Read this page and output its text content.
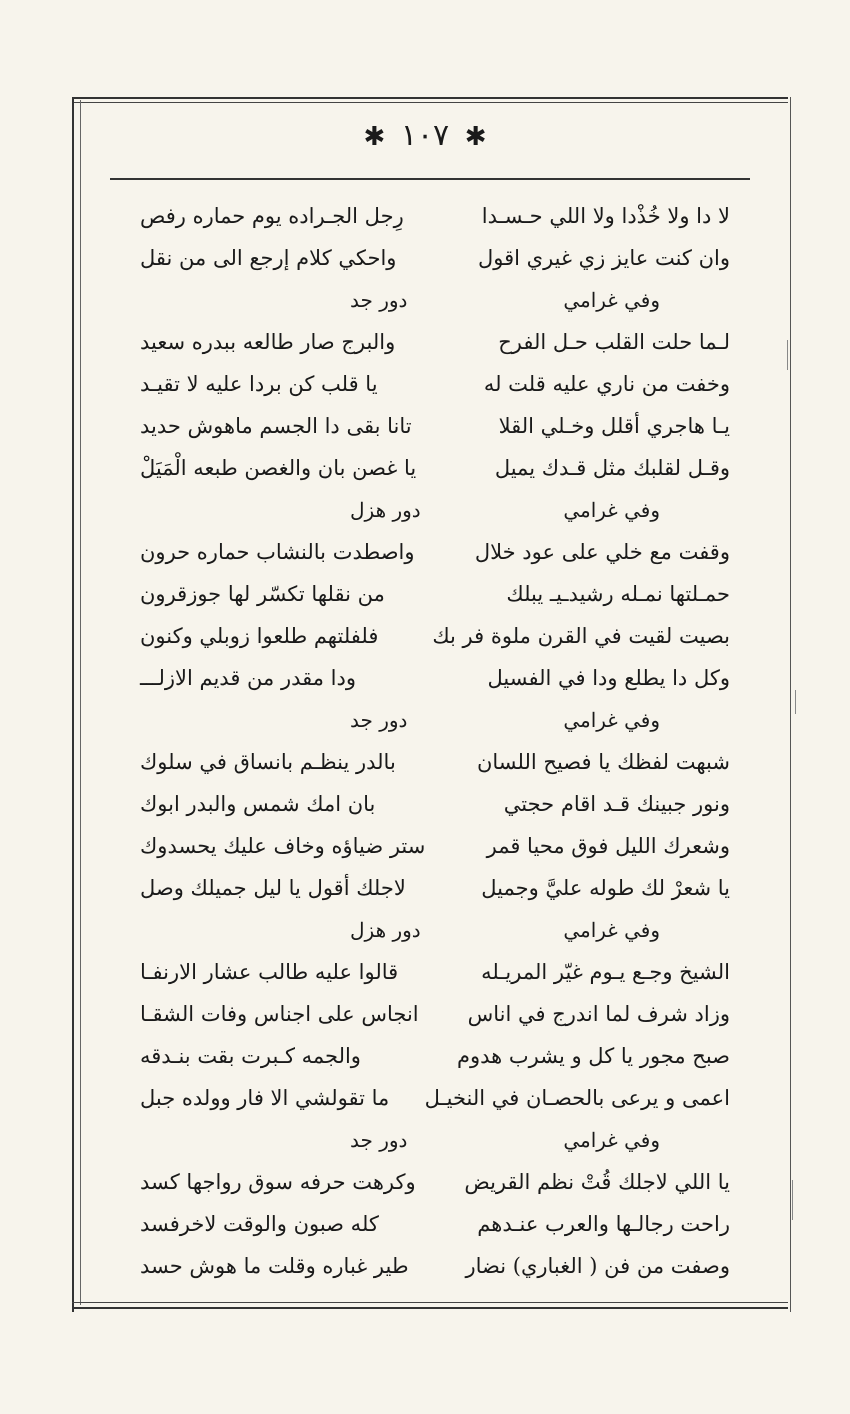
✱ ١٠٧ ✱
لا دا ولا خُذْدا ولا اللي حـسـدا
رِجل الجـراده يوم حماره رفص
وان كنت عايز زي غيري اقول
واحكي كلام إرجع الى من نقل
وفي غرامي
دور جد
لـما حلت القلب حـل الفرح
والبرج صار طالعه ببدره سعيد
وخفت من ناري عليه قلت له
يا قلب كن بردا عليه لا تقيـد
يـا هاجري أقلل وخـلي القلا
تانا بقى دا الجسم ماهوش حديد
وقـل لقلبك مثل قـدك يميل
يا غصن بان والغصن طبعه الْمَيَلْ
وفي غرامي
دور هزل
وقفت مع خلي على عود خلال
واصطدت بالنشاب حماره حرون
حمـلتها نمـله رشيدـيـ يبلك
من نقلها تكسّر لها جوزقرون
بصيت لقيت في القرن ملوة فر بك
فلفلتهم طلعوا زوبلي وكنون
وكل دا يطلع ودا في الفسيل
ودا مقدر من قديم الازلـــ
وفي غرامي
دور جد
شبهت لفظك يا فصيح اللسان
بالدر ينظـم بانساق في سلوك
ونور جبينك قـد اقام حجتي
بان امك شمس والبدر ابوك
وشعرك الليل فوق محيا قمر
ستر ضياؤه وخاف عليك يحسدوك
يا شعرْ لك طوله عليَّ وجميل
لاجلك أقول يا ليل جميلك وصل
وفي غرامي
دور هزل
الشيخ وجـع يـوم غيّر المريـله
قالوا عليه طالب عشار الارنفـا
وزاد شرف لما اندرج في اناس
انجاس على اجناس وفات الشقـا
صبح مجور يا كل و يشرب هدوم
والجمه كـبرت بقت بنـدقه
اعمى و يرعى بالحصـان في النخيـل
ما تقولشي الا فار وولده جبل
وفي غرامي
دور جد
يا اللي لاجلك قُتْ نظم القريض
وكرهت حرفه سوق رواجها كسد
راحت رجالـها والعرب عنـدهم
كله صبون والوقت لاخرفسد
وصفت من فن ( الغباري) نضار
طير غباره وقلت ما هوش حسد
